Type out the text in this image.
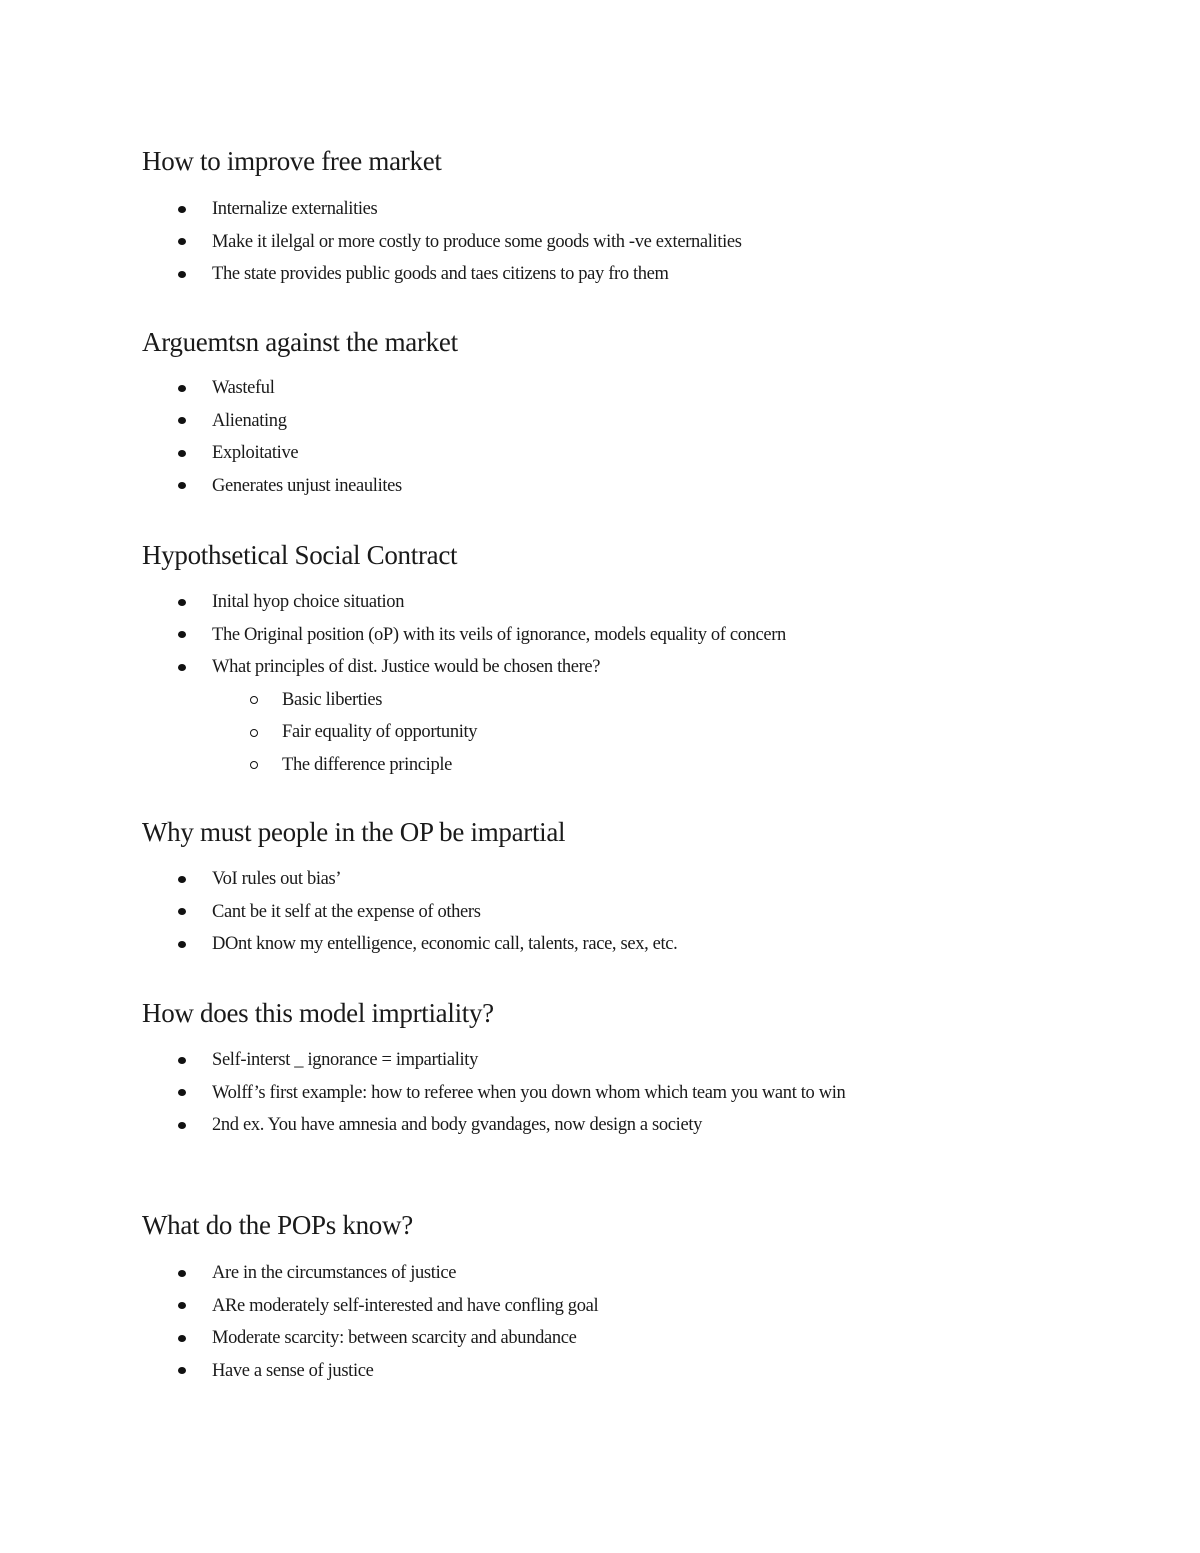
How to improve free market
Internalize externalities
Make it ilelgal or more costly to produce some goods with -ve externalities
The state provides public goods and taes citizens to pay fro them
Arguemtsn against the market
Wasteful
Alienating
Exploitative
Generates unjust ineaulites
Hypothsetical Social Contract
Inital hyop choice situation
The Original position (oP) with its veils of ignorance, models equality of concern
What principles of dist. Justice would be chosen there?
Basic liberties
Fair equality of opportunity
The difference principle
Why must people in the OP be impartial
VoI rules out bias’
Cant be it self at the expense of others
DOnt know my entelligence, economic call, talents, race, sex, etc.
How does this model imprtiality?
Self-interst _ ignorance = impartiality
Wolff’s first example: how to referee when you down whom which team you want to win
2nd ex. You have amnesia and body gvandages, now design a society
What do the POPs know?
Are in the circumstances of justice
ARe moderately self-interested and have confling goal
Moderate scarcity: between scarcity and abundance
Have a sense of justice
